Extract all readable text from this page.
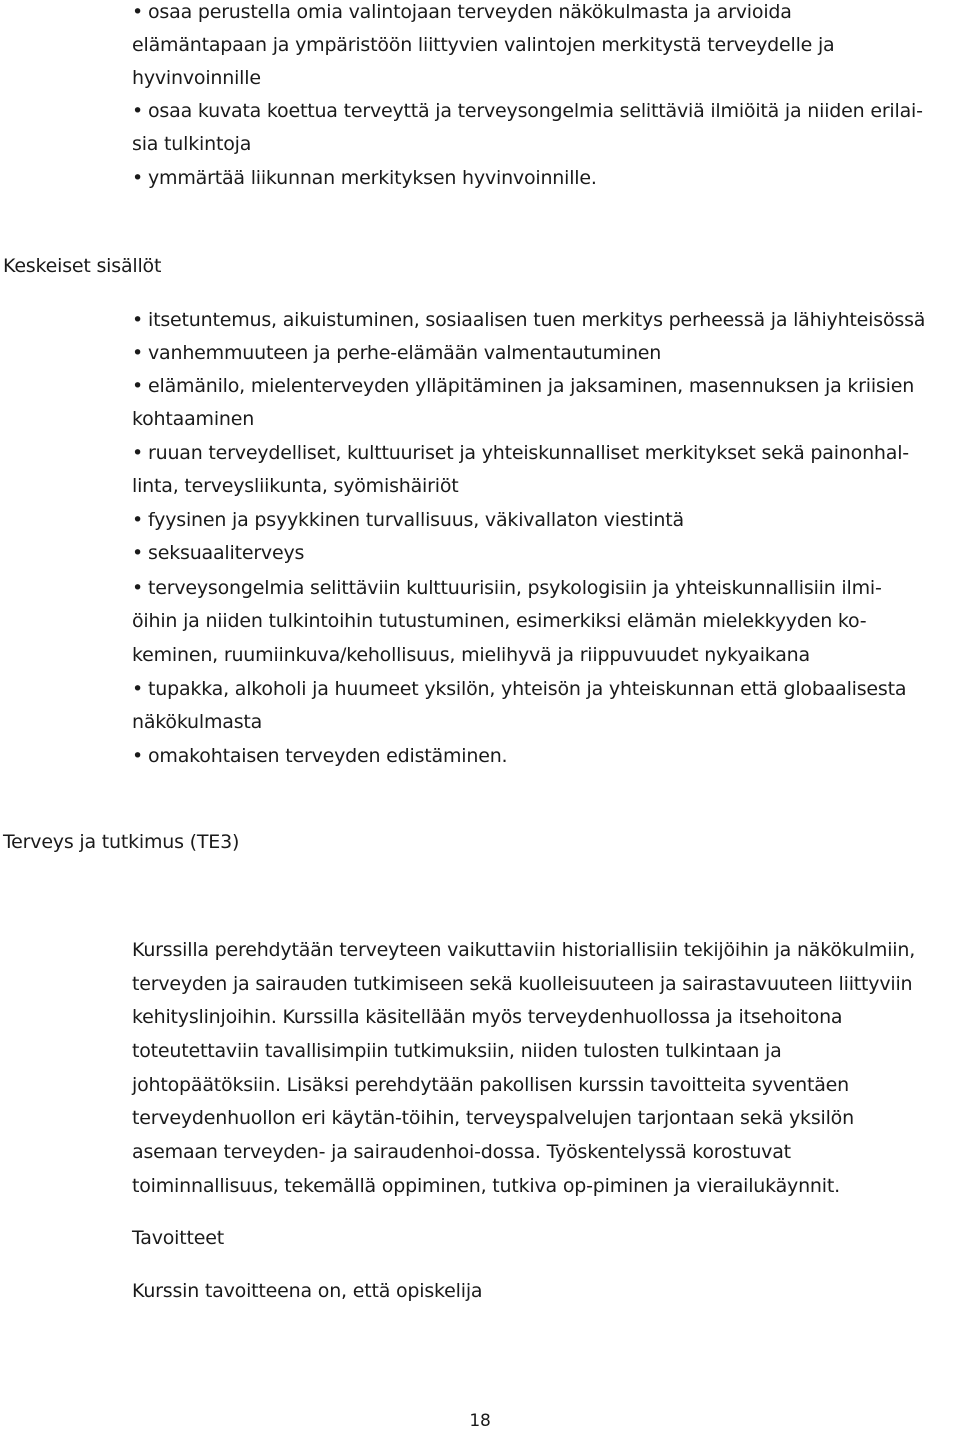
• osaa perustella omia valintojaan terveyden näkökulmasta ja arvioida
elämäntapaan ja ympäristöön liittyvien valintojen merkitystä terveydelle ja
hyvinvoinnille
• osaa kuvata koettua terveyttä ja terveysongelmia selittäviä ilmiöitä ja niiden erilai-
sia tulkintoja
• ymmärtää liikunnan merkityksen hyvinvoinnille.
Keskeiset sisällöt
• itsetuntemus, aikuistuminen, sosiaalisen tuen merkitys perheessä ja lähiyhteisössä
• vanhemmuuteen ja perhe-elämään valmentautuminen
• elämänilo, mielenterveyden ylläpitäminen ja jaksaminen, masennuksen ja kriisien
kohtaaminen
• ruuan terveydelliset, kulttuuriset ja yhteiskunnalliset merkitykset sekä painonhal-
linta, terveysliikunta, syömishäiriöt
• fyysinen ja psyykkinen turvallisuus, väkivallaton viestintä
• seksuaaliterveys
• terveysongelmia selittäviin kulttuurisiin, psykologisiin ja yhteiskunnallisiin ilmi-
öihin ja niiden tulkintoihin tutustuminen, esimerkiksi elämän mielekkyyden ko-
keminen, ruumiinkuva/kehollisuus, mielihyvä ja riippuvuudet nykyaikana
• tupakka, alkoholi ja huumeet yksilön, yhteisön ja yhteiskunnan että globaalisesta
näkökulmasta
• omakohtaisen terveyden edistäminen.
Terveys ja tutkimus (TE3)
Kurssilla perehdytään terveyteen vaikuttaviin historiallisiin tekijöihin ja näkökulmiin,
terveyden ja sairauden tutkimiseen sekä kuolleisuuteen ja sairastavuuteen liittyviin
kehityslinjoihin. Kurssilla käsitellään myös terveydenhuollossa ja itsehoitona
toteutettaviin tavallisimpiin tutkimuksiin, niiden tulosten tulkintaan ja
johtopäätöksiin. Lisäksi perehdytään pakollisen kurssin tavoitteita syventäen
terveydenhuollon eri käytän-töihin, terveyspalvelujen tarjontaan sekä yksilön
asemaan terveyden- ja sairaudenhoi-dossa. Työskentelyssä korostuvat
toiminnallisuus, tekemällä oppiminen, tutkiva op-piminen ja vierailukäynnit.
Tavoitteet
Kurssin tavoitteena on, että opiskelija
18
